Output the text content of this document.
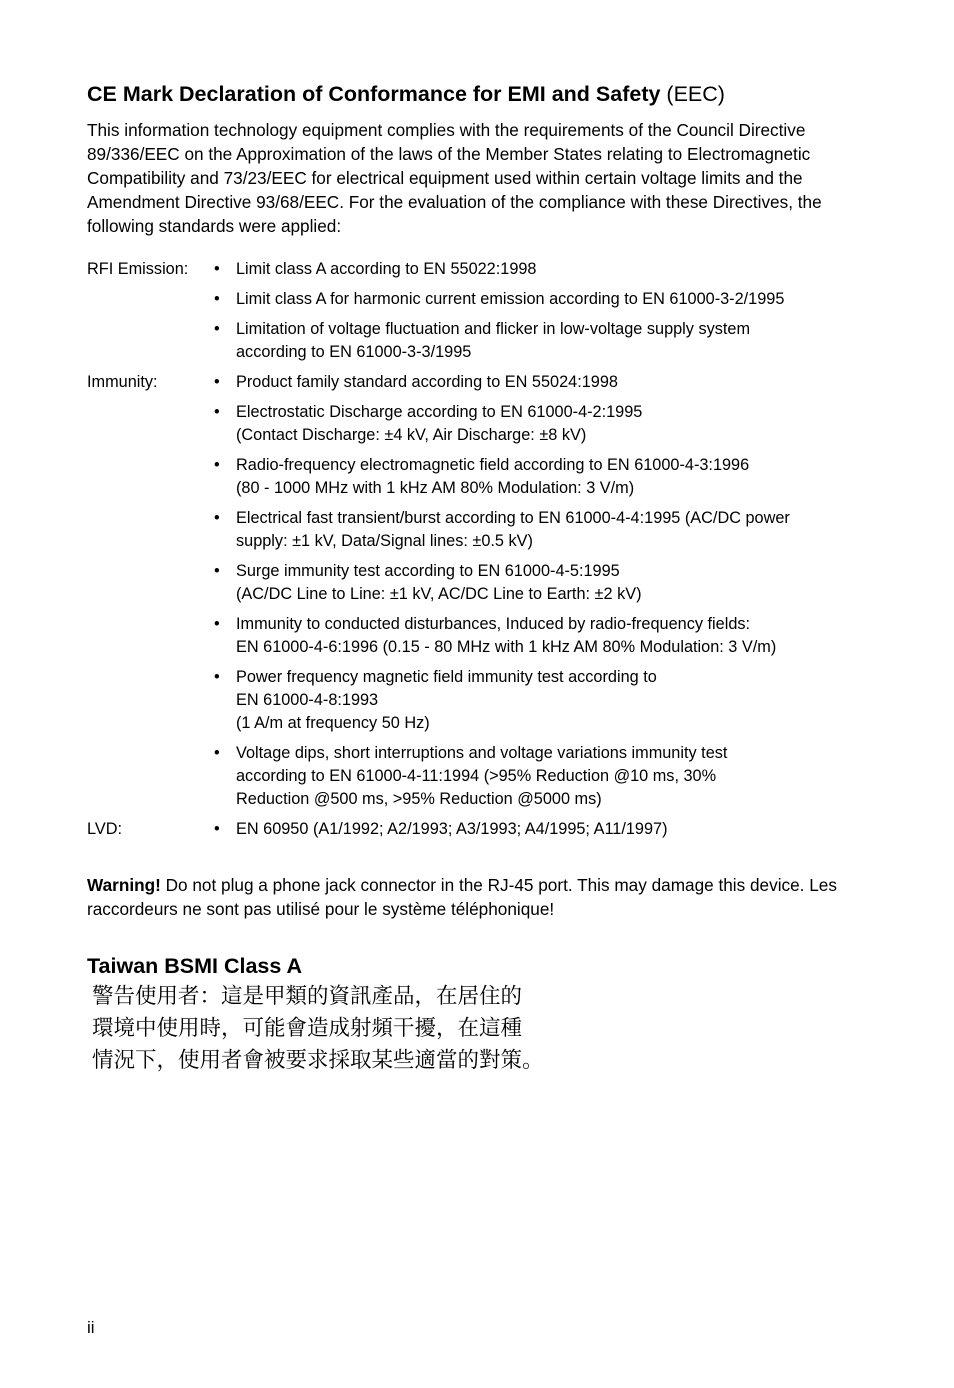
CE Mark Declaration of Conformance for EMI and Safety (EEC)

This information technology equipment complies with the requirements of the Council Directive 89/336/EEC on the Approximation of the laws of the Member States relating to Electromagnetic Compatibility and 73/23/EEC for electrical equipment used within certain voltage limits and the Amendment Directive 93/68/EEC. For the evaluation of the compliance with these Directives, the following standards were applied:

RFI Emission:	• Limit class A according to EN 55022:1998
• Limit class A for harmonic current emission according to EN 61000-3-2/1995
• Limitation of voltage fluctuation and flicker in low-voltage supply system
according to EN 61000-3-3/1995
Immunity:	• Product family standard according to EN 55024:1998
• Electrostatic Discharge according to EN 61000-4-2:1995
(Contact Discharge: ±4 kV, Air Discharge: ±8 kV)
• Radio-frequency electromagnetic field according to EN 61000-4-3:1996
(80 - 1000 MHz with 1 kHz AM 80% Modulation: 3 V/m)
• Electrical fast transient/burst according to EN 61000-4-4:1995 (AC/DC power
supply: ±1 kV, Data/Signal lines: ±0.5 kV)
• Surge immunity test according to EN 61000-4-5:1995
(AC/DC Line to Line: ±1 kV, AC/DC Line to Earth: ±2 kV)
• Immunity to conducted disturbances, Induced by radio-frequency fields:
EN 61000-4-6:1996 (0.15 - 80 MHz with 1 kHz AM 80% Modulation: 3 V/m)
• Power frequency magnetic field immunity test according to
EN 61000-4-8:1993
(1 A/m at frequency 50 Hz)
• Voltage dips, short interruptions and voltage variations immunity test
according to EN 61000-4-11:1994 (>95% Reduction @10 ms, 30%
Reduction @500 ms, >95% Reduction @5000 ms)
LVD:	• EN 60950 (A1/1992; A2/1993; A3/1993; A4/1995; A11/1997)
Warning! Do not plug a phone jack connector in the RJ-45 port. This may damage this device. Les raccordeurs ne sont pas utilisé pour le système téléphonique!
Taiwan BSMI Class A
警告使用者：這是甲類的資訊產品，在居住的
環境中使用時，可能會造成射頻干擾，在這種
情況下，使用者會被要求採取某些適當的對策。
ii
